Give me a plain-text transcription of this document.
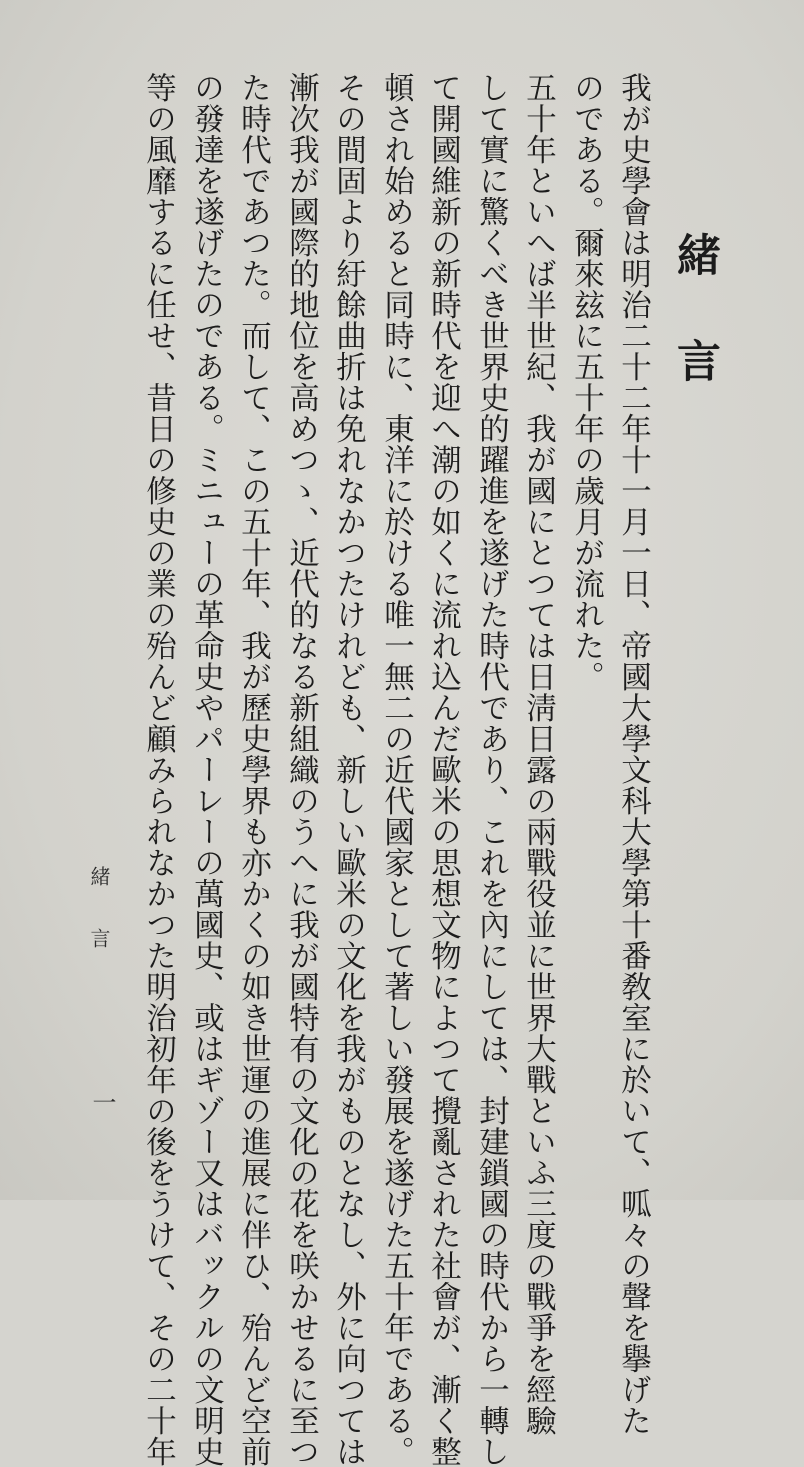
緒言
我が史學會は明治二十二年十一月一日、帝國大學文科大學第十番敎室に於いて、呱々の聲を擧げた
のである。爾來玆に五十年の歲月が流れた。
五十年といへば半世紀、我が國にとつては日淸日露の兩戰役並に世界大戰といふ三度の戰爭を經驗
して實に驚くべき世界史的躍進を遂げた時代であり、これを內にしては、封建鎖國の時代から一轉し
て開國維新の新時代を迎へ潮の如くに流れ込んだ歐米の思想文物によつて攪亂された社會が、漸く整
頓され始めると同時に、東洋に於ける唯一無二の近代國家として著しい發展を遂げた五十年である。
その間固より紆餘曲折は免れなかつたけれども、新しい歐米の文化を我がものとなし、外に向つては
漸次我が國際的地位を高めつゝ、近代的なる新組織のうへに我が國特有の文化の花を咲かせるに至つ
た時代であつた。而して、この五十年、我が歷史學界も亦かくの如き世運の進展に伴ひ、殆んど空前
の發達を遂げたのである。ミニューの革命史やパーレーの萬國史、或はギゾー又はバックルの文明史
等の風靡するに任せ、昔日の修史の業の殆んど顧みられなかつた明治初年の後をうけて、その二十年
緒言
一
